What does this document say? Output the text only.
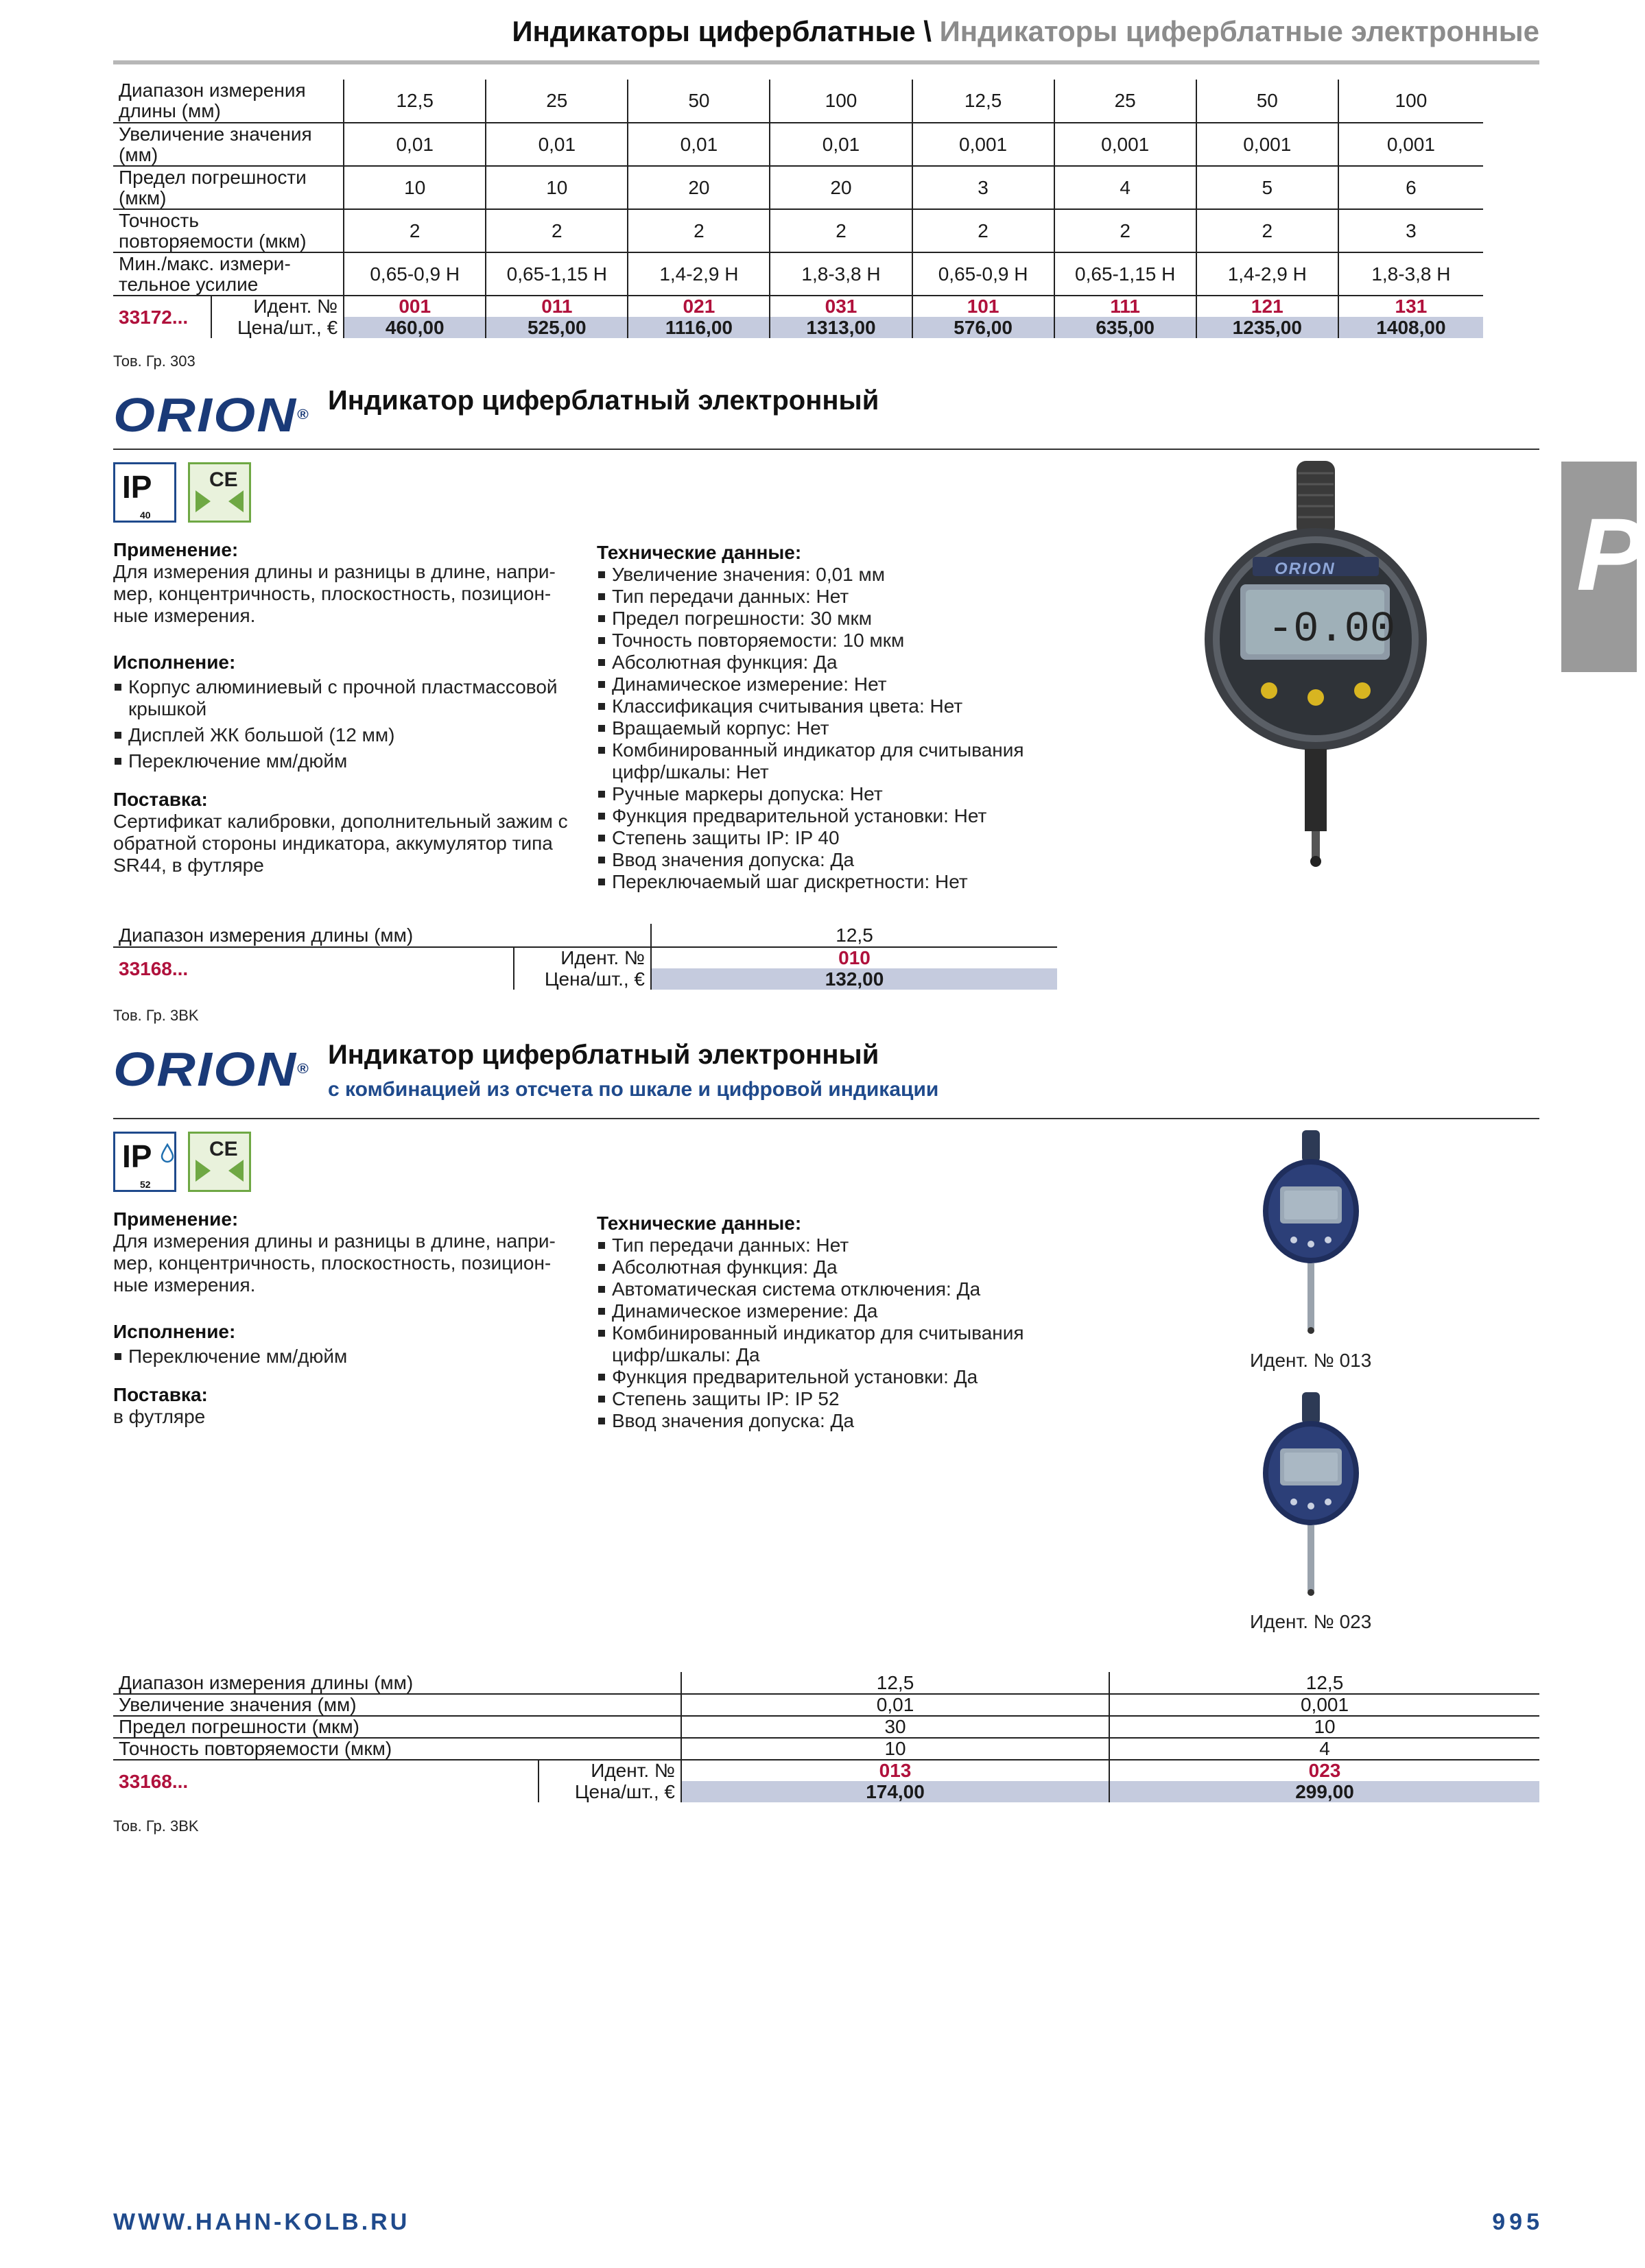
Индикаторы циферблатные \ Индикаторы циферблатные электронные
Диапазон измерения длины (мм)		12,5	25	50	100	12,5	25	50	100
Увеличение значения (мм)		0,01	0,01	0,01	0,01	0,001	0,001	0,001	0,001
Предел погрешности (мкм)		10	10	20	20	3	4	5	6
Точность повторяемости (мкм)		2	2	2	2	2	2	2	3
Мин./макс. измери-тельное усилие		0,65-0,9 Н	0,65-1,15 Н	1,4-2,9 Н	1,8-3,8 Н	0,65-0,9 Н	0,65-1,15 Н	1,4-2,9 Н	1,8-3,8 Н
33172...	Идент. №	001	011	021	031	101	111	121	131
	Цена/шт., €	460,00	525,00	1116,00	1313,00	576,00	635,00	1235,00	1408,00
Тов. Гр. 303
P
ORION® Индикатор циферблатный электронный
IP
40
CE
Применение:
Для измерения длины и разницы в длине, напри-мер, концентричность, плоскостность, позицион-ные измерения.
Исполнение:
Корпус алюминиевый с прочной пластмассовой крышкой
Дисплей ЖК большой (12 мм)
Переключение мм/дюйм
Поставка:
Сертификат калибровки, дополнительный зажим с обратной стороны индикатора, аккумулятор типа SR44, в футляре
Технические данные:
Увеличение значения: 0,01 мм
Тип передачи данных: Нет
Предел погрешности: 30 мкм
Точность повторяемости: 10 мкм
Абсолютная функция: Да
Динамическое измерение: Нет
Классификация считывания цвета: Нет
Вращаемый корпус: Нет
Комбинированный индикатор для считывания цифр/шкалы: Нет
Ручные маркеры допуска: Нет
Функция предварительной установки: Нет
Степень защиты IP: IP 40
Ввод значения допуска: Да
Переключаемый шаг дискретности: Нет
-0.00
ORION
Диапазон измерения длины (мм)		12,5
33168...	Идент. №	010
	Цена/шт., €	132,00
Тов. Гр. 3BK
ORION® Индикатор циферблатный электронный
с комбинацией из отсчета по шкале и цифровой индикации
IP
52
CE
Применение:
Для измерения длины и разницы в длине, напри-мер, концентричность, плоскостность, позицион-ные измерения.
Исполнение:
Переключение мм/дюйм
Поставка:
в футляре
Технические данные:
Тип передачи данных: Нет
Абсолютная функция: Да
Автоматическая система отключения: Да
Динамическое измерение: Да
Комбинированный индикатор для считывания цифр/шкалы: Да
Функция предварительной установки: Да
Степень защиты IP: IP 52
Ввод значения допуска: Да
Идент. № 013
Идент. № 023
Диапазон измерения длины (мм)		12,5	12,5
Увеличение значения (мм)		0,01	0,001
Предел погрешности (мкм)		30	10
Точность повторяемости (мкм)		10	4
33168...	Идент. №	013	023
	Цена/шт., €	174,00	299,00
Тов. Гр. 3BK
WWW.HAHN-KOLB.RU	995
